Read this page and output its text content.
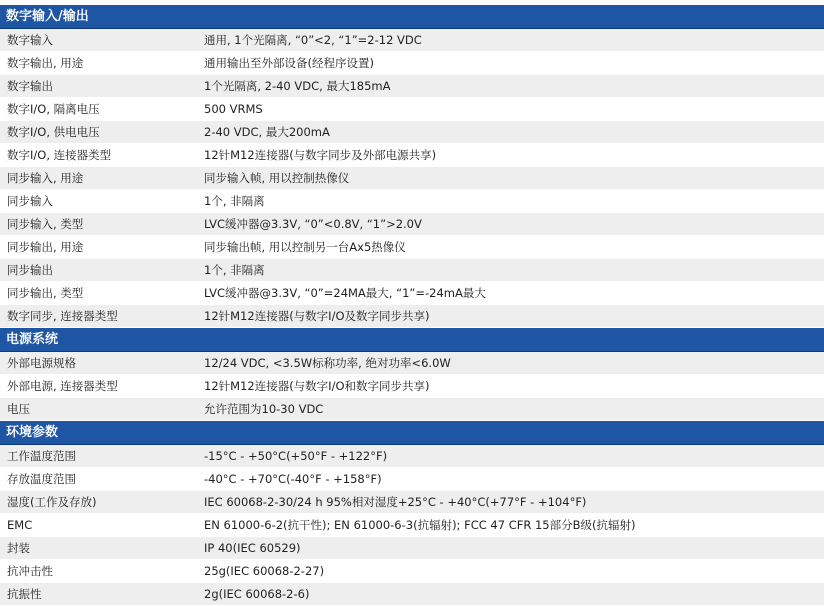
数字输入/输出
数字输入	通用, 1个光隔离, “0”<2, “1”=2-12 VDC
数字输出, 用途	通用输出至外部设备(经程序设置)
数字输出	1个光隔离, 2-40 VDC, 最大185mA
数字I/O, 隔离电压	500 VRMS
数字I/O, 供电电压	2-40 VDC, 最大200mA
数字I/O, 连接器类型	12针M12连接器(与数字同步及外部电源共享)
同步输入, 用途	同步输入帧, 用以控制热像仪
同步输入	1个, 非隔离
同步输入, 类型	LVC缓冲器@3.3V, “0”<0.8V, “1”>2.0V
同步输出, 用途	同步输出帧, 用以控制另一台Ax5热像仪
同步输出	1个, 非隔离
同步输出, 类型	LVC缓冲器@3.3V, “0”=24MA最大, “1”=-24mA最大
数字同步, 连接器类型	12针M12连接器(与数字I/O及数字同步共享)
电源系统
外部电源规格	12/24 VDC, <3.5W标称功率, 绝对功率<6.0W
外部电源, 连接器类型	12针M12连接器(与数字I/O和数字同步共享)
电压	允许范围为10-30 VDC
环境参数
工作温度范围	-15°C - +50°C(+50°F - +122°F)
存放温度范围	-40°C - +70°C(-40°F - +158°F)
湿度(工作及存放)	IEC 60068-2-30/24 h 95%相对湿度+25°C - +40°C(+77°F - +104°F)
EMC	EN 61000-6-2(抗干性); EN 61000-6-3(抗辐射); FCC 47 CFR 15部分B级(抗辐射)
封装	IP 40(IEC 60529)
抗冲击性	25g(IEC 60068-2-27)
抗振性	2g(IEC 60068-2-6)
